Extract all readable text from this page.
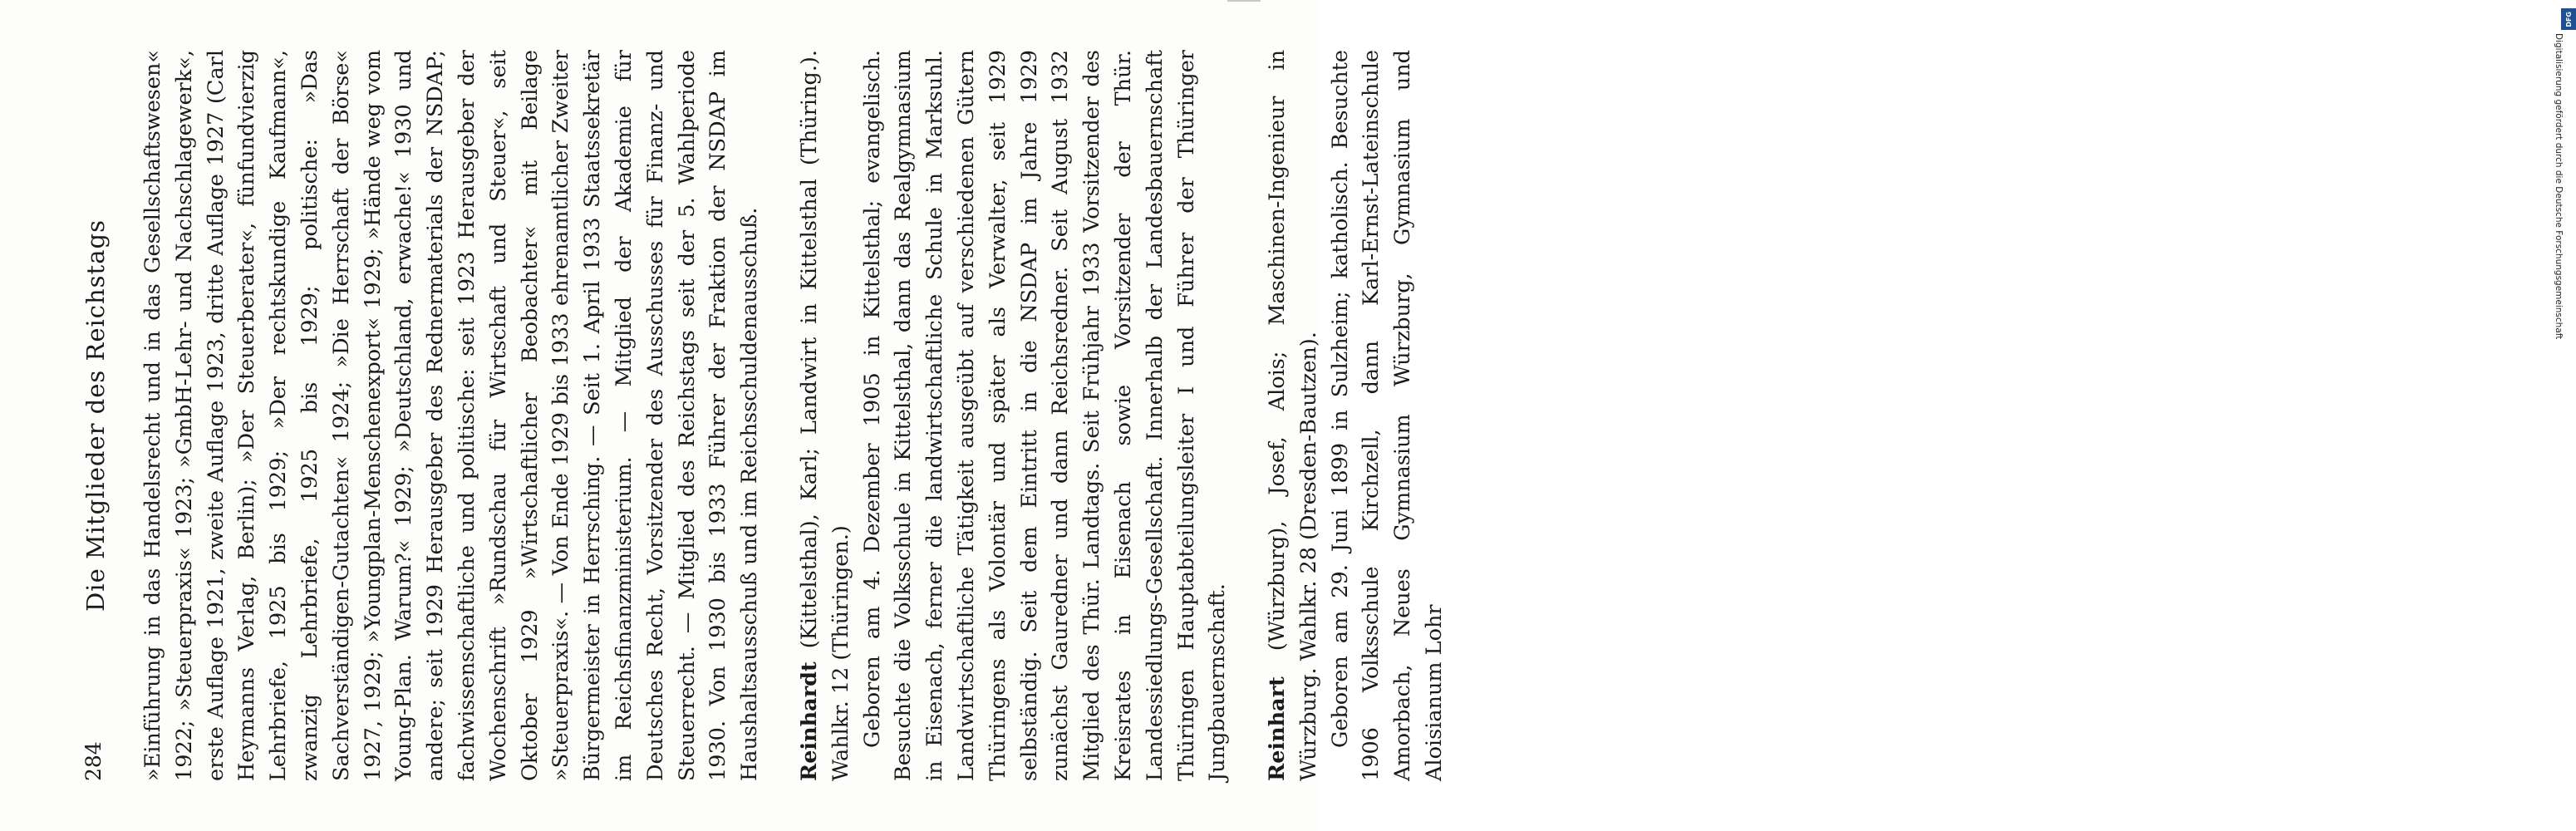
284
Die Mitglieder des Reichstags »Einführung in das Handelsrecht und in das Gesellschaftswesen« 1922; »Steuerpraxis« 1923; »GmbH-Lehr- und Nachschlagewerk«, erste Auflage 1921, zweite Auflage 1923, dritte Auflage 1927 (Carl Heymanns Verlag, Berlin); »Der Steuerberater«, fünfundvierzig Lehrbriefe, 1925 bis 1929; »Der rechtskundige Kaufmann«, zwanzig Lehrbriefe, 1925 bis 1929; politische: »Das Sachverständigen-Gutachten« 1924; »Die Herrschaft der Börse« 1927, 1929; »Youngplan-Menschenexport« 1929; »Hände weg vom Young-Plan. Warum?« 1929; »Deutschland, erwache!« 1930 und andere; seit 1929 Herausgeber des Rednermaterials der NSDAP; fachwissenschaftliche und politische: seit 1923 Herausgeber der Wochenschrift »Rundschau für Wirtschaft und Steuer«, seit Oktober 1929 »Wirtschaftlicher Beobachter« mit Beilage »Steuerpraxis«. — Von Ende 1929 bis 1933 ehrenamtlicher Zweiter Bürgermeister in Herrsching. — Seit 1. April 1933 Staatssekretär im Reichsfinanzministerium. — Mitglied der Akademie für Deutsches Recht, Vorsitzender des Ausschusses für Finanz- und Steuerrecht. — Mitglied des Reichstags seit der 5. Wahlperiode 1930. Von 1930 bis 1933 Führer der Fraktion der NSDAP im Haushaltsausschuß und im Reichsschuldenausschuß. Reinhardt (Kittelsthal), Karl; Landwirt in Kittelsthal (Thüring.). Wahlkr. 12 (Thüringen.) Geboren am 4. Dezember 1905 in Kittelsthal; evangelisch. Besuchte die Volksschule in Kittelsthal, dann das Realgymnasium in Eisenach, ferner die landwirtschaftliche Schule in Marksuhl. Landwirtschaftliche Tätigkeit ausgeübt auf verschiedenen Gütern Thüringens als Volontär und später als Verwalter, seit 1929 selbständig. Seit dem Eintritt in die NSDAP im Jahre 1929 zunächst Gauredner und dann Reichsredner. Seit August 1932 Mitglied des Thür. Landtags. Seit Frühjahr 1933 Vorsitzender des Kreisrates in Eisenach sowie Vorsitzender der Thür. Landessiedlungs-Gesellschaft. Innerhalb der Landesbauernschaft Thüringen Hauptabteilungsleiter I und Führer der Thüringer Jungbauernschaft. Reinhart (Würzburg), Josef, Alois; Maschinen-Ingenieur in Würzburg. Wahlkr. 28 (Dresden-Bautzen). Geboren am 29. Juni 1899 in Sulzheim; katholisch. Besuchte 1906 Volksschule Kirchzell, dann Karl-Ernst-Lateinschule Amorbach, Neues Gymnasium Würzburg, Gymnasium und Aloisianum Lohr

DFG
Digitalisierung gefördert durch die Deutsche Forschungsgemeinschaft
